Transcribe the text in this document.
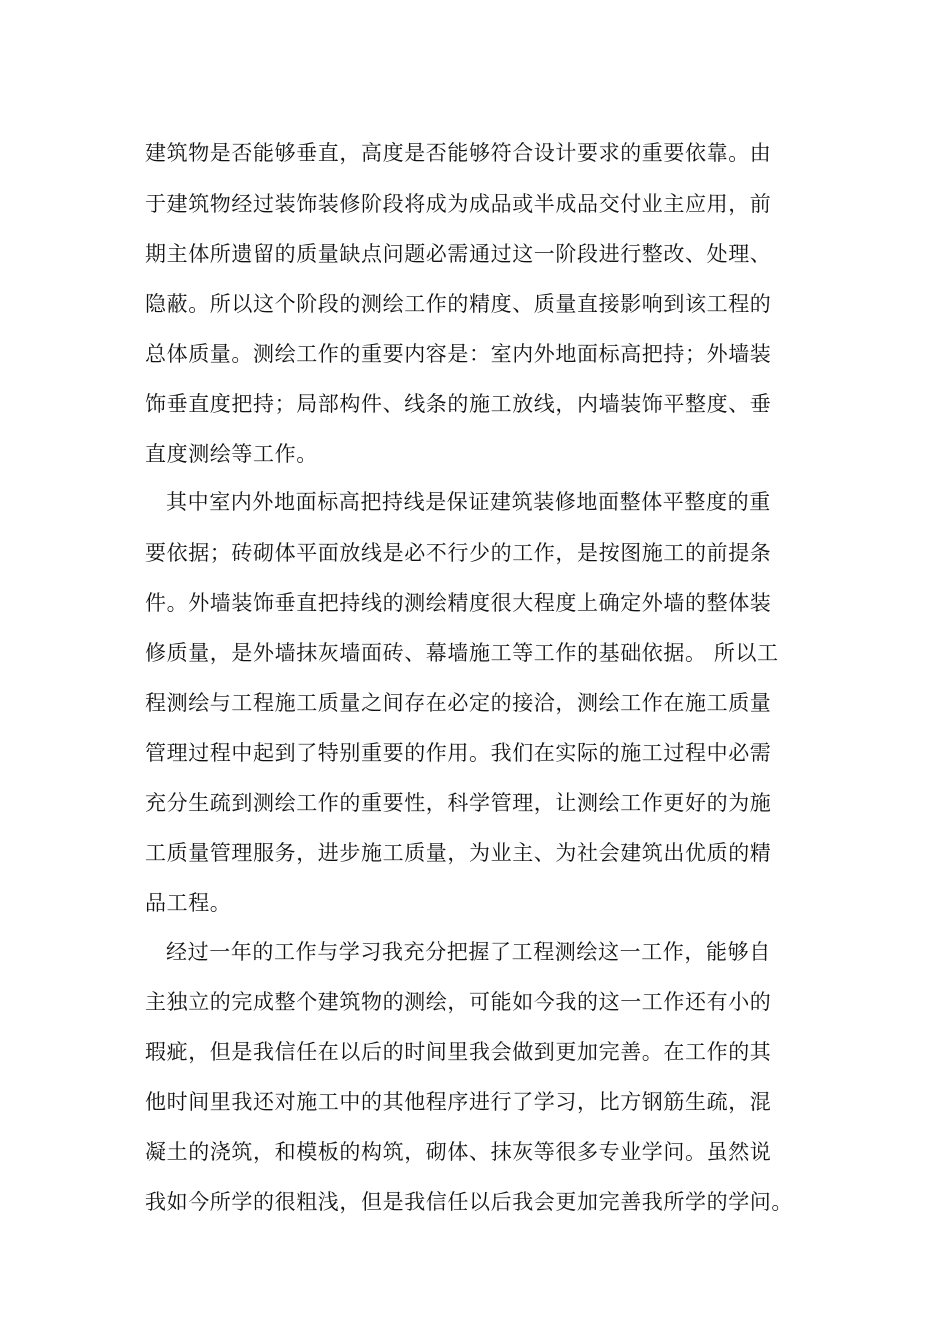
建筑物是否能够垂直，高度是否能够符合设计要求的重要依靠。由
于建筑物经过装饰装修阶段将成为成品或半成品交付业主应用，前
期主体所遗留的质量缺点问题必需通过这一阶段进行整改、处理、
隐蔽。所以这个阶段的测绘工作的精度、质量直接影响到该工程的
总体质量。测绘工作的重要内容是：室内外地面标高把持；外墙装
饰垂直度把持；局部构件、线条的施工放线，内墙装饰平整度、垂
直度测绘等工作。
其中室内外地面标高把持线是保证建筑装修地面整体平整度的重
要依据；砖砌体平面放线是必不行少的工作，是按图施工的前提条
件。外墙装饰垂直把持线的测绘精度很大程度上确定外墙的整体装
修质量，是外墙抹灰墙面砖、幕墙施工等工作的基础依据。 所以工
程测绘与工程施工质量之间存在必定的接洽，测绘工作在施工质量
管理过程中起到了特别重要的作用。我们在实际的施工过程中必需
充分生疏到测绘工作的重要性，科学管理，让测绘工作更好的为施
工质量管理服务，进步施工质量，为业主、为社会建筑出优质的精
品工程。
经过一年的工作与学习我充分把握了工程测绘这一工作，能够自
主独立的完成整个建筑物的测绘，可能如今我的这一工作还有小的
瑕疵，但是我信任在以后的时间里我会做到更加完善。在工作的其
他时间里我还对施工中的其他程序进行了学习，比方钢筋生疏，混
凝土的浇筑，和模板的构筑，砌体、抹灰等很多专业学问。虽然说
我如今所学的很粗浅，但是我信任以后我会更加完善我所学的学问。
